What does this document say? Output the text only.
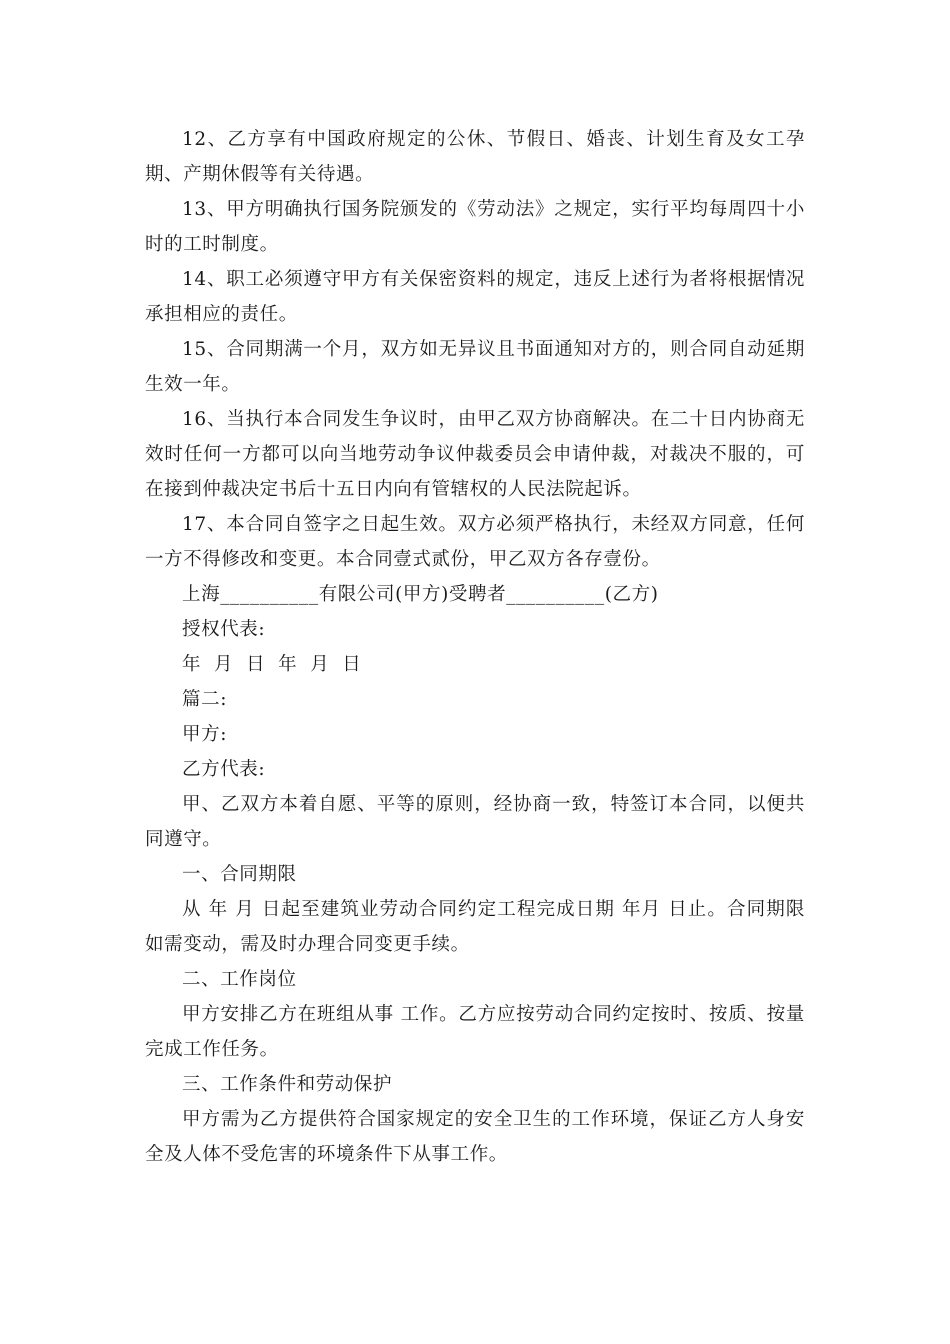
12、乙方享有中国政府规定的公休、节假日、婚丧、计划生育及女工孕期、产期休假等有关待遇。

13、甲方明确执行国务院颁发的《劳动法》之规定，实行平均每周四十小时的工时制度。

14、职工必须遵守甲方有关保密资料的规定，违反上述行为者将根据情况承担相应的责任。

15、合同期满一个月，双方如无异议且书面通知对方的，则合同自动延期生效一年。

16、当执行本合同发生争议时，由甲乙双方协商解决。在二十日内协商无效时任何一方都可以向当地劳动争议仲裁委员会申请仲裁，对裁决不服的，可在接到仲裁决定书后十五日内向有管辖权的人民法院起诉。

17、本合同自签字之日起生效。双方必须严格执行，未经双方同意，任何一方不得修改和变更。本合同壹式贰份，甲乙双方各存壹份。

上海__________有限公司(甲方)受聘者__________(乙方)

授权代表:

年  月  日  年  月  日

篇二:

甲方:

乙方代表:

甲、乙双方本着自愿、平等的原则，经协商一致，特签订本合同，以便共同遵守。

一、合同期限

从 年 月 日起至建筑业劳动合同约定工程完成日期 年月 日止。合同期限如需变动，需及时办理合同变更手续。

二、工作岗位

甲方安排乙方在班组从事 工作。乙方应按劳动合同约定按时、按质、按量完成工作任务。

三、工作条件和劳动保护

甲方需为乙方提供符合国家规定的安全卫生的工作环境，保证乙方人身安全及人体不受危害的环境条件下从事工作。
